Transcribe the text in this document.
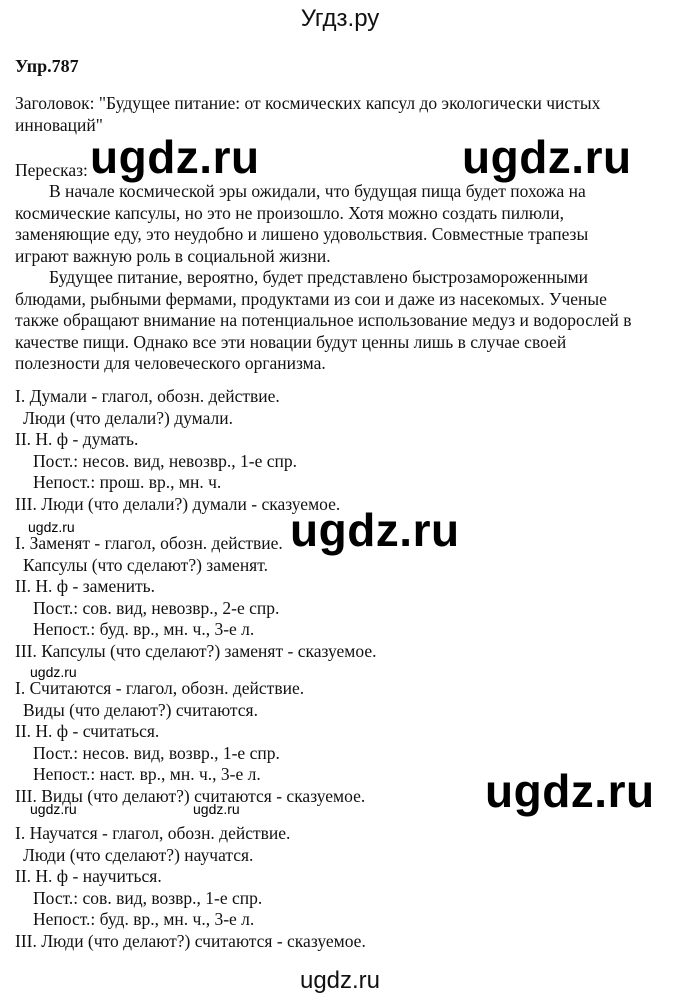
Угдз.ру
Упр.787
Заголовок: "Будущее питание: от космических капсул до экологически чистых
инноваций"
Пересказ:
В начале космической эры ожидали, что будущая пища будет похожа на
космические капсулы, но это не произошло. Хотя можно создать пилюли,
заменяющие еду, это неудобно и лишено удовольствия. Совместные трапезы
играют важную роль в социальной жизни.
Будущее питание, вероятно, будет представлено быстрозамороженными
блюдами, рыбными фермами, продуктами из сои и даже из насекомых. Ученые
также обращают внимание на потенциальное использование медуз и водорослей в
качестве пищи. Однако все эти новации будут ценны лишь в случае своей
полезности для человеческого организма.
I. Думали - глагол, обозн. действие.
Люди (что делали?) думали.
II. Н. ф - думать.
Пост.: несов. вид, невозвр., 1-е спр.
Непост.: прош. вр., мн. ч.
III. Люди (что делали?) думали - сказуемое.
I. Заменят - глагол, обозн. действие.
Капсулы (что сделают?) заменят.
II. Н. ф - заменить.
Пост.: сов. вид, невозвр., 2-е спр.
Непост.: буд. вр., мн. ч., 3-е л.
III. Капсулы (что сделают?) заменят - сказуемое.
I. Считаются - глагол, обозн. действие.
Виды (что делают?) считаются.
II. Н. ф - считаться.
Пост.: несов. вид, возвр., 1-е спр.
Непост.: наст. вр., мн. ч., 3-е л.
III. Виды (что делают?) считаются - сказуемое.
I. Научатся - глагол, обозн. действие.
Люди (что сделают?) научатся.
II. Н. ф - научиться.
Пост.: сов. вид, возвр., 1-е спр.
Непост.: буд. вр., мн. ч., 3-е л.
III. Люди (что делают?) считаются - сказуемое.
ugdz.ru	ugdz.ru
ugdz.ru
ugdz.ru
ugdz.ru
ugdz.ru
ugdz.ru	ugdz.ru
ugdz.ru
